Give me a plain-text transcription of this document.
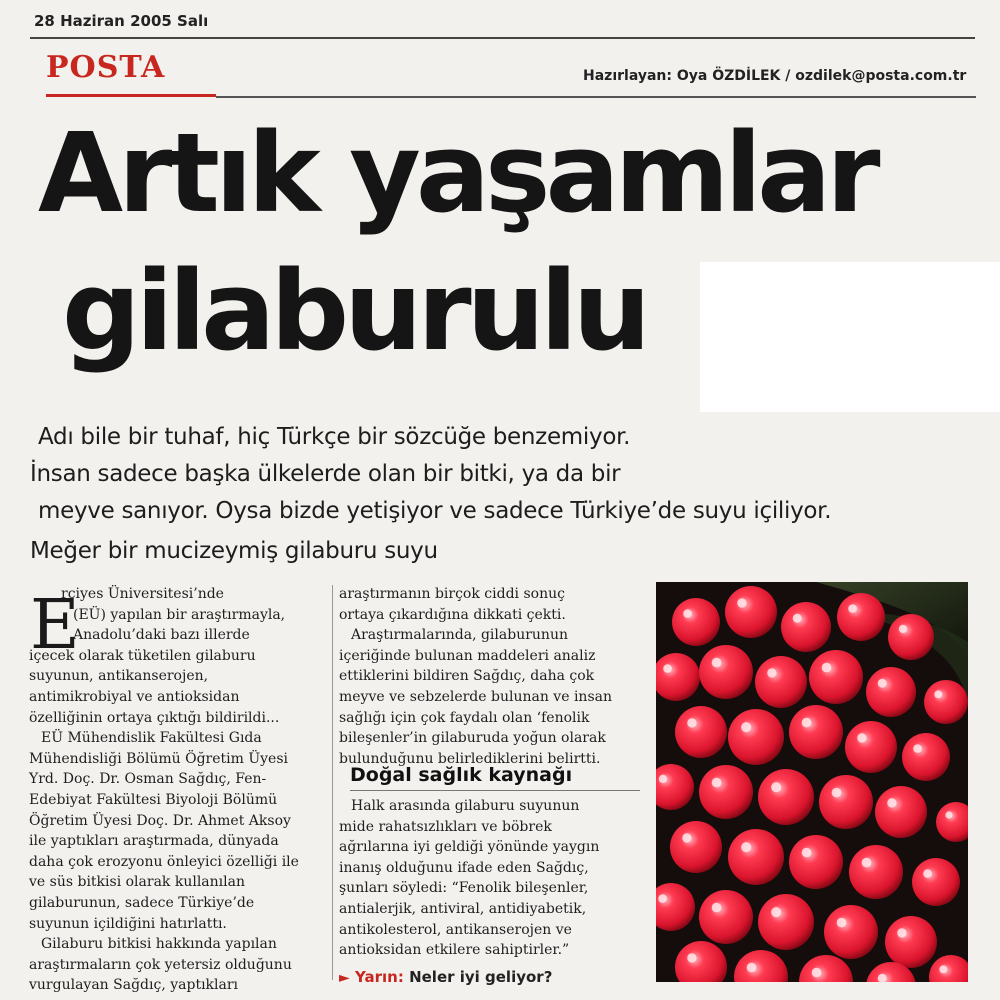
28 Haziran 2005 Salı
POSTA	Hazırlayan: Oya ÖZDİLEK / ozdilek@posta.com.tr
Artık yaşamlar
gilaburulu
Adı bile bir tuhaf, hiç Türkçe bir sözcüğe benzemiyor.
İnsan sadece başka ülkelerde olan bir bitki, ya da bir
meyve sanıyor. Oysa bizde yetişiyor ve sadece Türkiye’de suyu içiliyor.
Meğer bir mucizeymiş gilaburu suyu
E

rciyes Üniversitesi’nde

(EÜ) yapılan bir araştırmayla,

Anadolu’daki bazı illerde

içecek olarak tüketilen gilaburu

suyunun, antikanserojen,

antimikrobiyal ve antioksidan

özelliğinin ortaya çıktığı bildirildi...

EÜ Mühendislik Fakültesi Gıda

Mühendisliği Bölümü Öğretim Üyesi

Yrd. Doç. Dr. Osman Sağdıç, Fen-

Edebiyat Fakültesi Biyoloji Bölümü

Öğretim Üyesi Doç. Dr. Ahmet Aksoy

ile yaptıkları araştırmada, dünyada

daha çok erozyonu önleyici özelliği ile

ve süs bitkisi olarak kullanılan

gilaburunun, sadece Türkiye’de

suyunun içildiğini hatırlattı.

Gilaburu bitkisi hakkında yapılan

araştırmaların çok yetersiz olduğunu

vurgulayan Sağdıç, yaptıkları

araştırmanın birçok ciddi sonuç

ortaya çıkardığına dikkati çekti.

Araştırmalarında, gilaburunun

içeriğinde bulunan maddeleri analiz

ettiklerini bildiren Sağdıç, daha çok

meyve ve sebzelerde bulunan ve insan

sağlığı için çok faydalı olan ‘fenolik

bileşenler’in gilaburuda yoğun olarak

bulunduğunu belirlediklerini belirtti.

Doğal sağlık kaynağı

Halk arasında gilaburu suyunun

mide rahatsızlıkları ve böbrek

ağrılarına iyi geldiği yönünde yaygın

inanış olduğunu ifade eden Sağdıç,

şunları söyledi: “Fenolik bileşenler,

antialerjik, antiviral, antidiyabetik,

antikolesterol, antikanserojen ve

antioksidan etkilere sahiptirler.”

► Yarın: Neler iyi geliyor?
